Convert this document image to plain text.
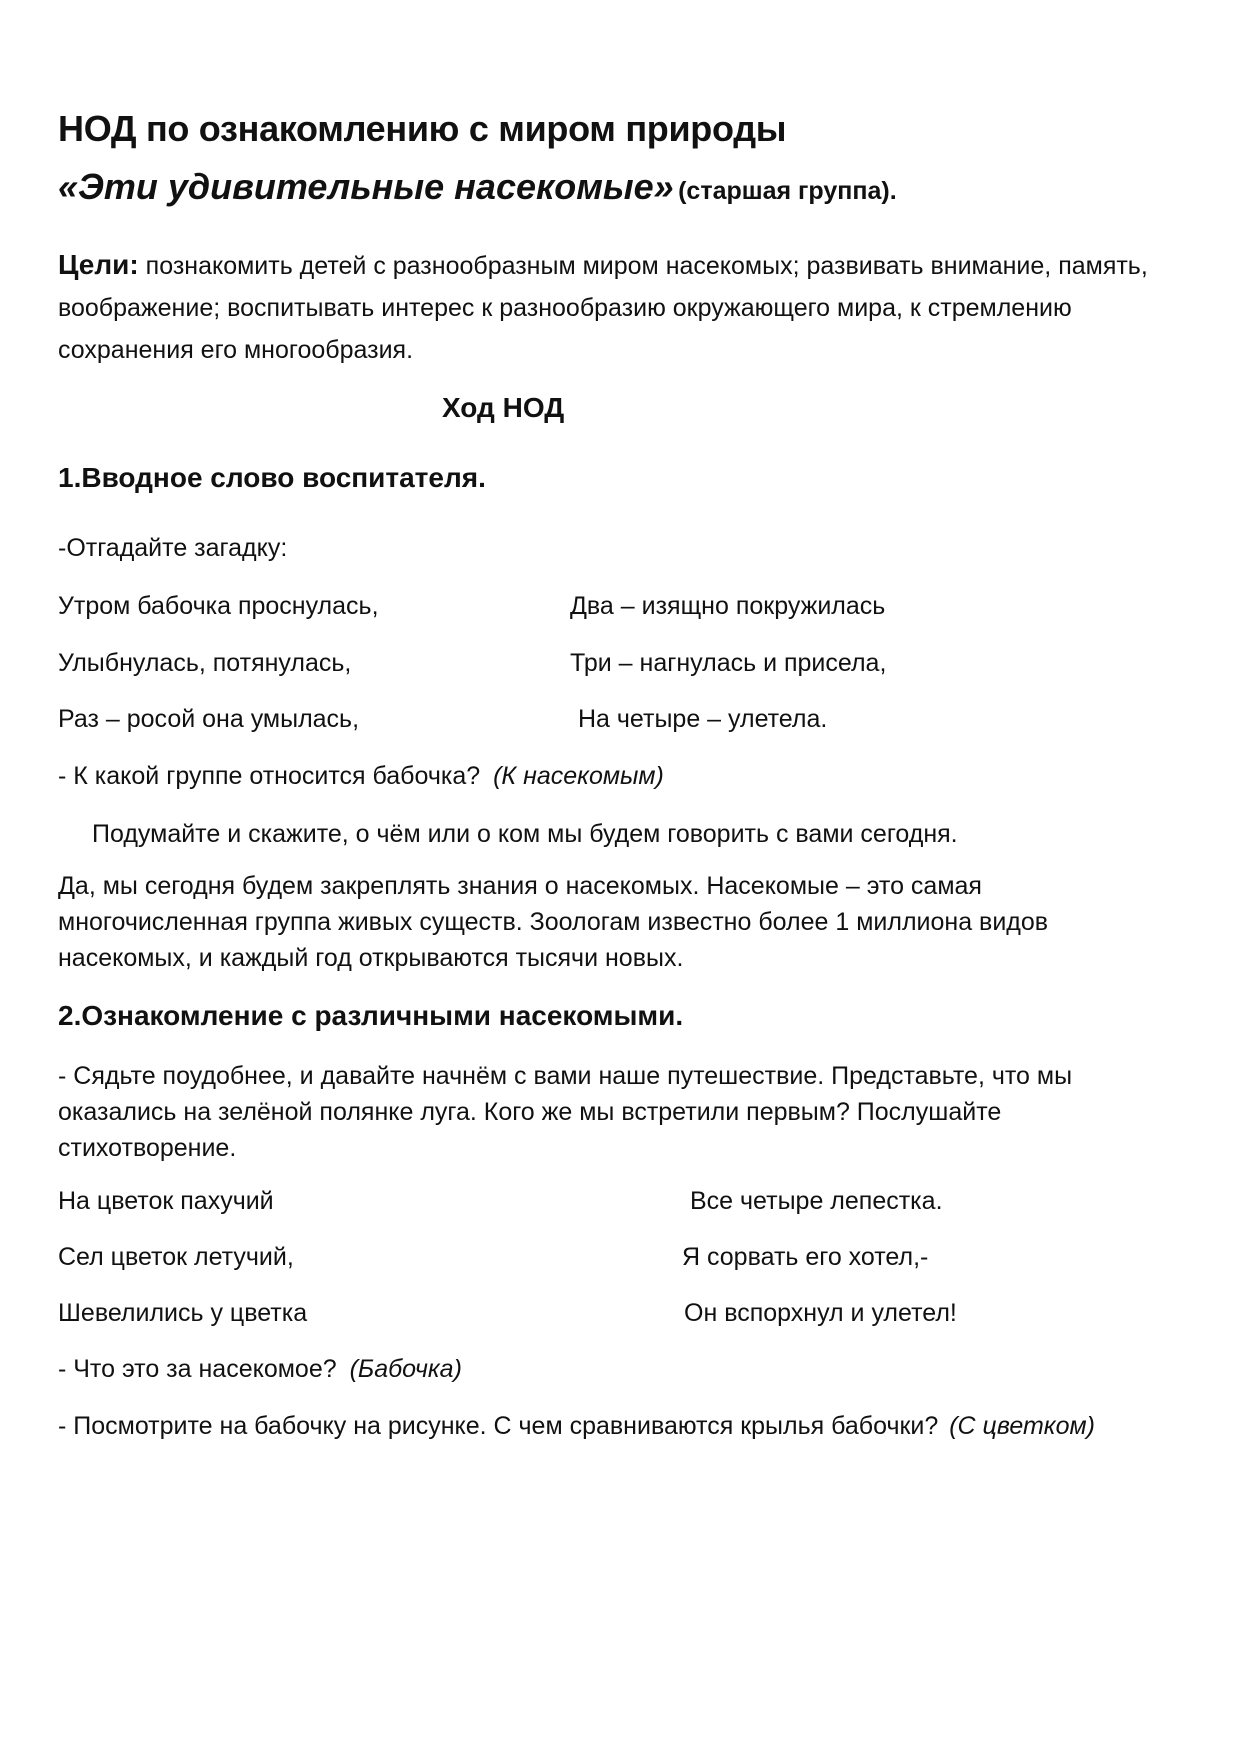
НОД по ознакомлению с миром природы
«Эти удивительные насекомые» (старшая группа).
Цели: познакомить детей с разнообразным миром насекомых; развивать внимание, память, воображение; воспитывать интерес к разнообразию окружающего мира, к стремлению сохранения его многообразия.
Ход НОД
1.Вводное слово воспитателя.
-Отгадайте загадку:
Утром бабочка проснулась,
Улыбнулась, потянулась,
Раз – росой она умылась,
Два – изящно покружилась
Три – нагнулась и присела,
На четыре – улетела.
- К какой группе относится бабочка? (К насекомым)
Подумайте и скажите, о чём или о ком мы будем говорить с вами сегодня.
Да, мы сегодня будем закреплять знания о насекомых. Насекомые – это самая многочисленная группа живых существ. Зоологам известно более 1 миллиона видов насекомых, и каждый год открываются тысячи новых.
2.Ознакомление с различными насекомыми.
- Сядьте поудобнее, и давайте начнём с вами наше путешествие. Представьте, что мы оказались на зелёной полянке луга. Кого же мы встретили первым? Послушайте стихотворение.
На цветок пахучий
Сел цветок летучий,
Шевелились у цветка
Все четыре лепестка.
Я сорвать его хотел,-
Он вспорхнул и улетел!
- Что это за насекомое? (Бабочка)
- Посмотрите на бабочку на рисунке. С чем сравниваются крылья бабочки? (С цветком)
